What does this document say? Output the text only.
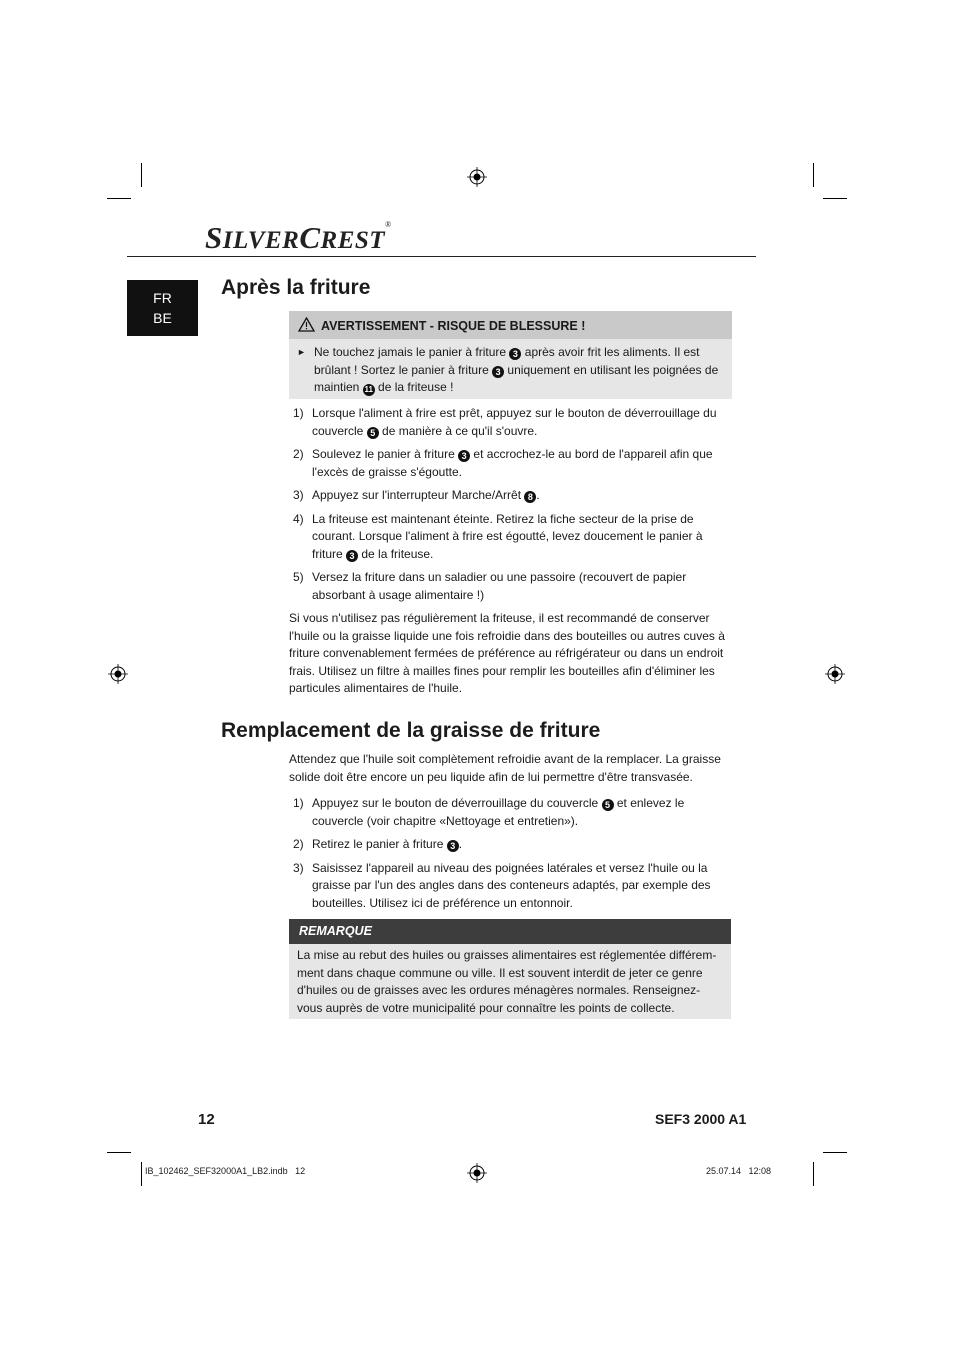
SILVERCREST®
FR
BE
Après la friture
AVERTISSEMENT - RISQUE DE BLESSURE !
► Ne touchez jamais le panier à friture 3 après avoir frit les aliments. Il est brûlant ! Sortez le panier à friture 3 uniquement en utilisant les poignées de maintien 11 de la friteuse !
1) Lorsque l'aliment à frire est prêt, appuyez sur le bouton de déverrouillage du couvercle 5 de manière à ce qu'il s'ouvre.
2) Soulevez le panier à friture 3 et accrochez-le au bord de l'appareil afin que l'excès de graisse s'égoutte.
3) Appuyez sur l'interrupteur Marche/Arrêt 8 .
4) La friteuse est maintenant éteinte. Retirez la fiche secteur de la prise de courant. Lorsque l'aliment à frire est égoutté, levez doucement le panier à friture 3 de la friteuse.
5) Versez la friture dans un saladier ou une passoire (recouvert de papier absorbant à usage alimentaire !)
Si vous n'utilisez pas régulièrement la friteuse, il est recommandé de conserver l'huile ou la graisse liquide une fois refroidie dans des bouteilles ou autres cuves à friture convenablement fermées de préférence au réfrigérateur ou dans un endroit frais. Utilisez un filtre à mailles fines pour remplir les bouteilles afin d'éliminer les particules alimentaires de l'huile.
Remplacement de la graisse de friture
Attendez que l'huile soit complètement refroidie avant de la remplacer. La graisse solide doit être encore un peu liquide afin de lui permettre d'être transvasée.
1) Appuyez sur le bouton de déverrouillage du couvercle 5 et enlevez le couvercle (voir chapitre «Nettoyage et entretien»).
2) Retirez le panier à friture 3 .
3) Saisissez l'appareil au niveau des poignées latérales et versez l'huile ou la graisse par l'un des angles dans des conteneurs adaptés, par exemple des bouteilles. Utilisez ici de préférence un entonnoir.
REMARQUE
La mise au rebut des huiles ou graisses alimentaires est réglementée différem-ment dans chaque commune ou ville. Il est souvent interdit de jeter ce genre d'huiles ou de graisses avec les ordures ménagères normales. Renseignez-vous auprès de votre municipalité pour connaître les points de collecte.
12	SEF3 2000 A1
IB_102462_SEF32000A1_LB2.indb   12	25.07.14   12:08
